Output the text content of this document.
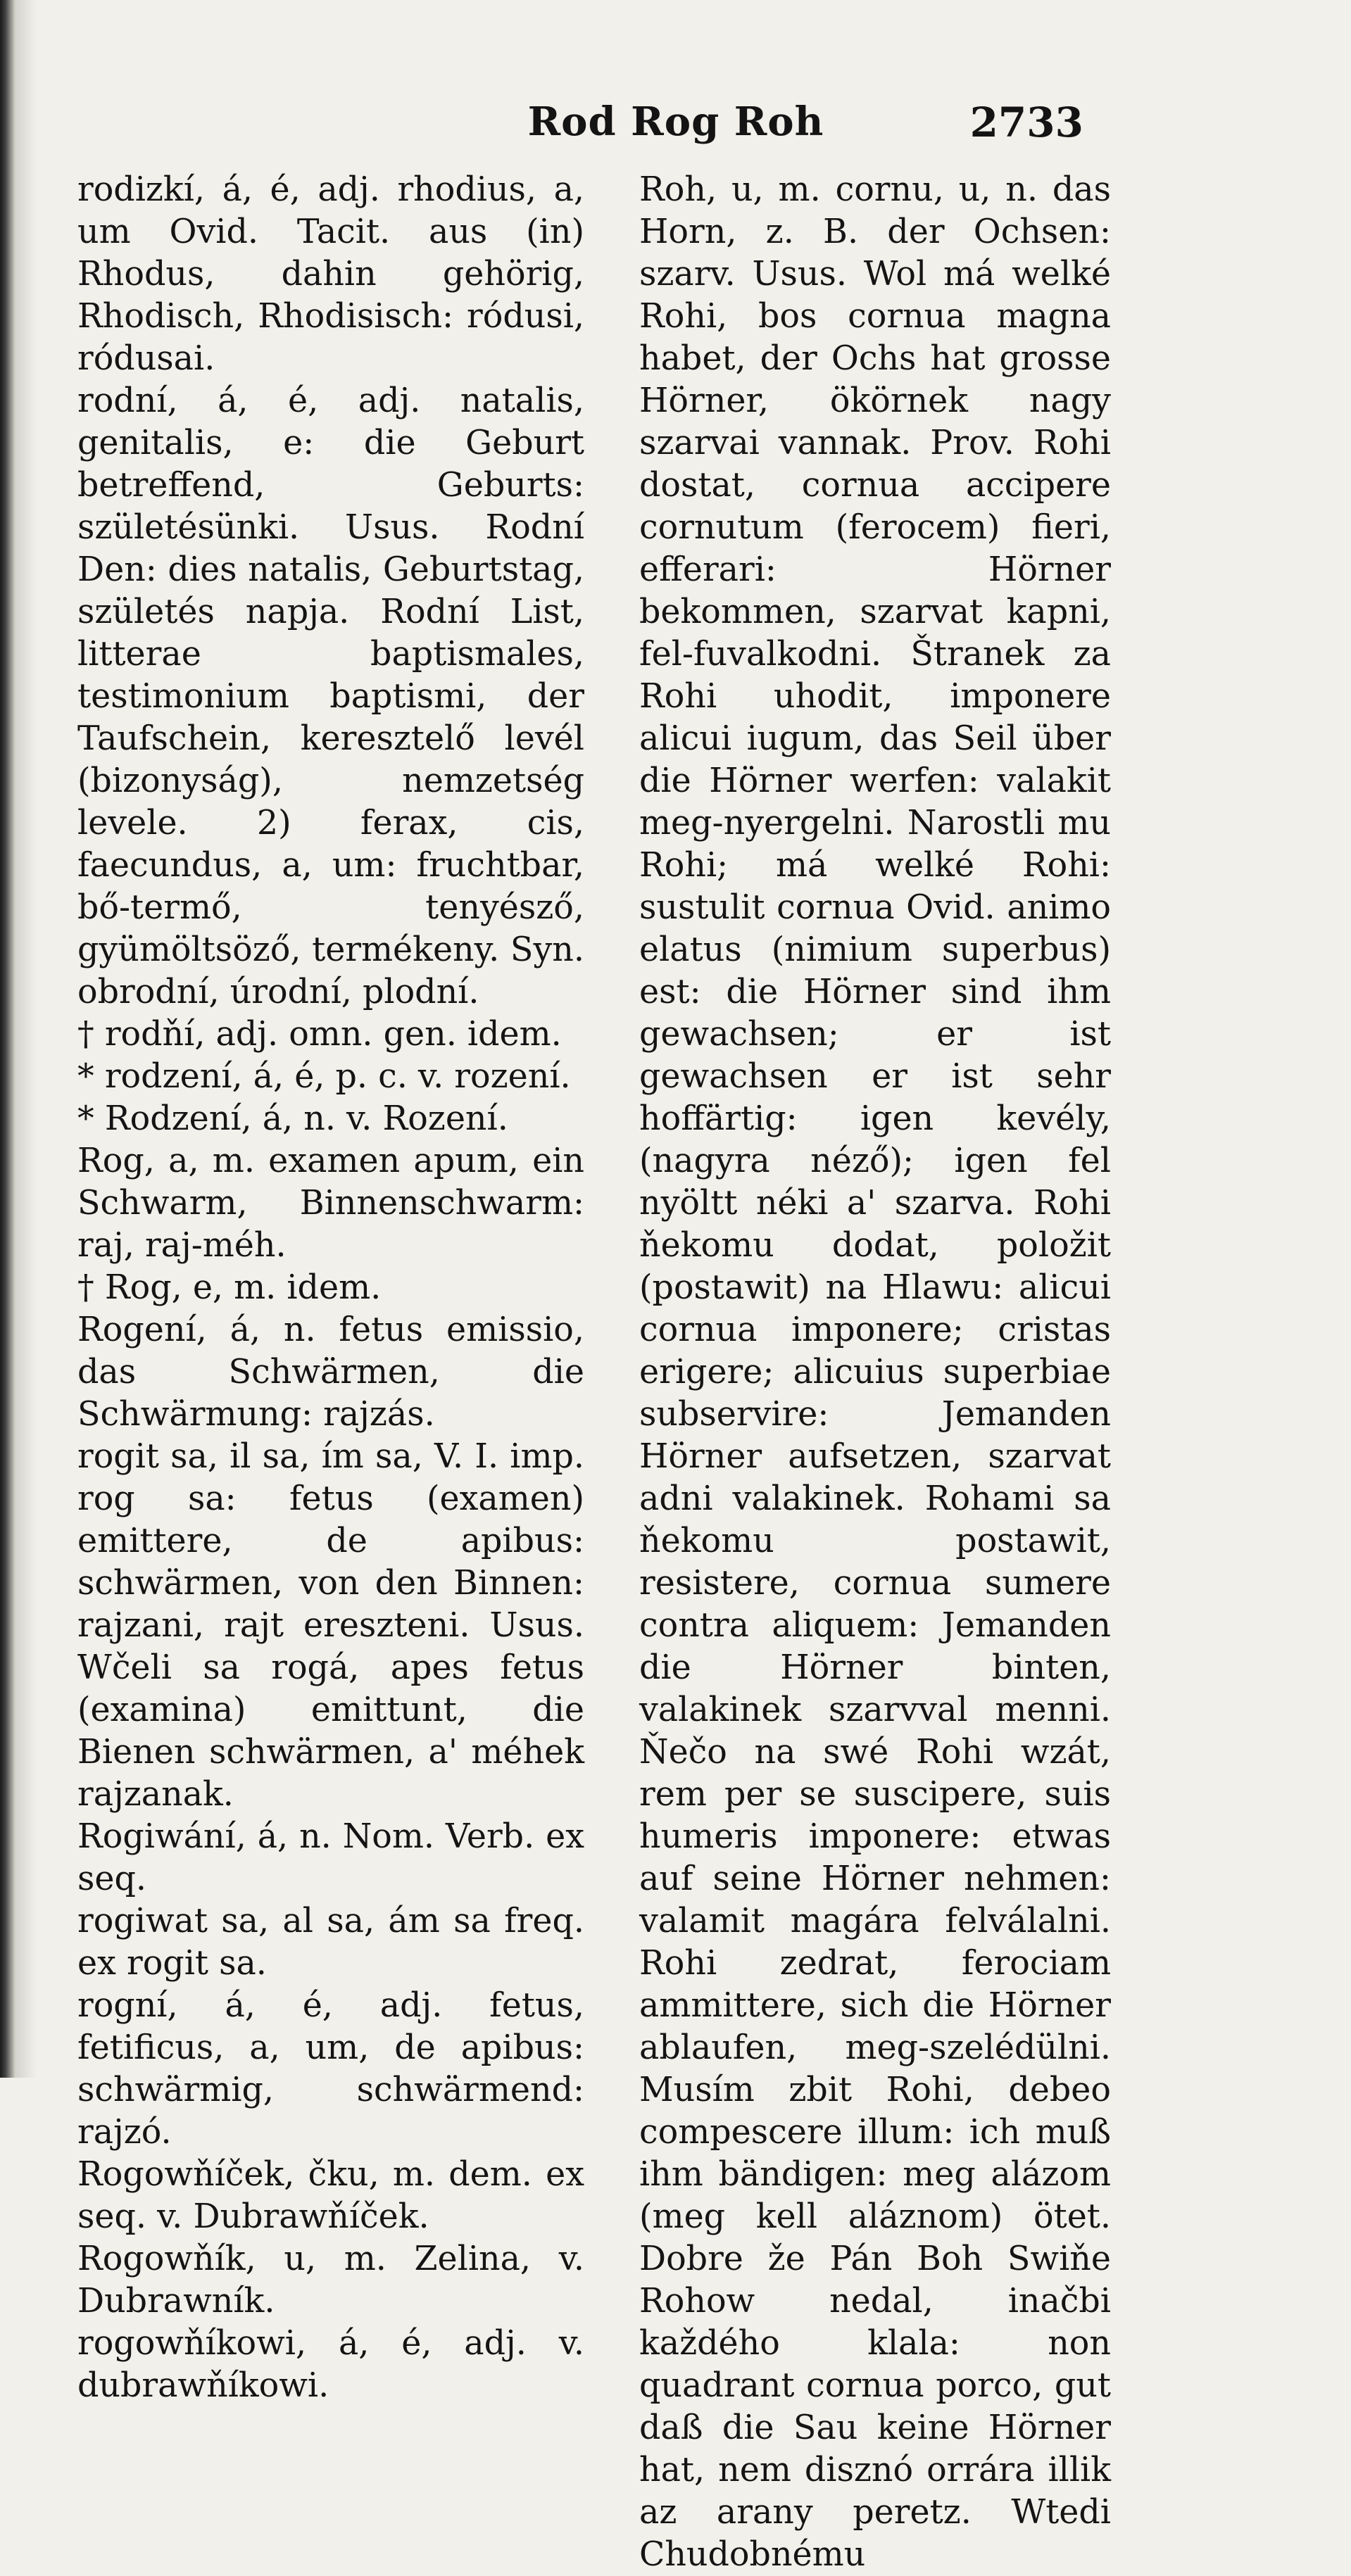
Rod Rog Roh	2733

rodizkí, á, é, adj. rhodius, a, um Ovid. Tacit. aus (in) Rhodus, dahin gehörig, Rhodisch, Rhodisisch: ródusi, ródusai.

rodní, á, é, adj. natalis, genitalis, e: die Geburt betreffend, Geburts: születésünki. Usus. Rodní Den: dies natalis, Geburtstag, születés napja. Rodní List, litterae baptismales, testimonium baptismi, der Taufschein, keresztelő levél (bizonyság), nemzetség levele. 2) ferax, cis, faecundus, a, um: fruchtbar, bő-termő, tenyésző, gyümöltsöző, termékeny. Syn. obrodní, úrodní, plodní.

† rodňí, adj. omn. gen. idem.

* rodzení, á, é, p. c. v. rození.

* Rodzení, á, n. v. Rození.

Rog, a, m. examen apum, ein Schwarm, Binnenschwarm: raj, raj-méh.

† Rog, e, m. idem.

Rogení, á, n. fetus emissio, das Schwärmen, die Schwärmung: rajzás.

rogit sa, il sa, ím sa, V. I. imp. rog sa: fetus (examen) emittere, de apibus: schwärmen, von den Binnen: rajzani, rajt ereszteni. Usus. Wčeli sa rogá, apes fetus (examina) emittunt, die Bienen schwärmen, a' méhek rajzanak.

Rogiwání, á, n. Nom. Verb. ex seq.

rogiwat sa, al sa, ám sa freq. ex rogit sa.

rogní, á, é, adj. fetus, fetificus, a, um, de apibus: schwärmig, schwärmend: rajzó.

Rogowňíček, čku, m. dem. ex seq. v. Dubrawňíček.

Rogowňík, u, m. Zelina, v. Dubrawník.

rogowňíkowi, á, é, adj. v. dubrawňíkowi.

Roh, u, m. cornu, u, n. das Horn, z. B. der Ochsen: szarv. Usus. Wol má welké Rohi, bos cornua magna habet, der Ochs hat grosse Hörner, ökörnek nagy szarvai vannak. Prov. Rohi dostat, cornua accipere cornutum (ferocem) fieri, efferari: Hörner bekommen, szarvat kapni, fel-fuvalkodni. Štranek za Rohi uhodit, imponere alicui iugum, das Seil über die Hörner werfen: valakit meg-nyergelni. Narostli mu Rohi; má welké Rohi: sustulit cornua Ovid. animo elatus (nimium superbus) est: die Hörner sind ihm gewachsen; er ist gewachsen er ist sehr hoffärtig: igen kevély, (nagyra néző); igen fel nyöltt néki a' szarva. Rohi ňekomu dodat, položit (postawit) na Hlawu: alicui cornua imponere; cristas erigere; alicuius superbiae subservire: Jemanden Hörner aufsetzen, szarvat adni valakinek. Rohami sa ňekomu postawit, resistere, cornua sumere contra aliquem: Jemanden die Hörner binten, valakinek szarvval menni. Ňečo na swé Rohi wzát, rem per se suscipere, suis humeris imponere: etwas auf seine Hörner nehmen: valamit magára felválalni. Rohi zedrat, ferociam ammittere, sich die Hörner ablaufen, meg-szelédülni. Musím zbit Rohi, debeo compescere illum: ich muß ihm bändigen: meg alázom (meg kell aláznom) ötet. Dobre že Pán Boh Swiňe Rohow nedal, inačbi každého klala: non quadrant cornua porco, gut daß die Sau keine Hörner hat, nem disznó orrára illik az arany peretz. Wtedi Chudobnému
